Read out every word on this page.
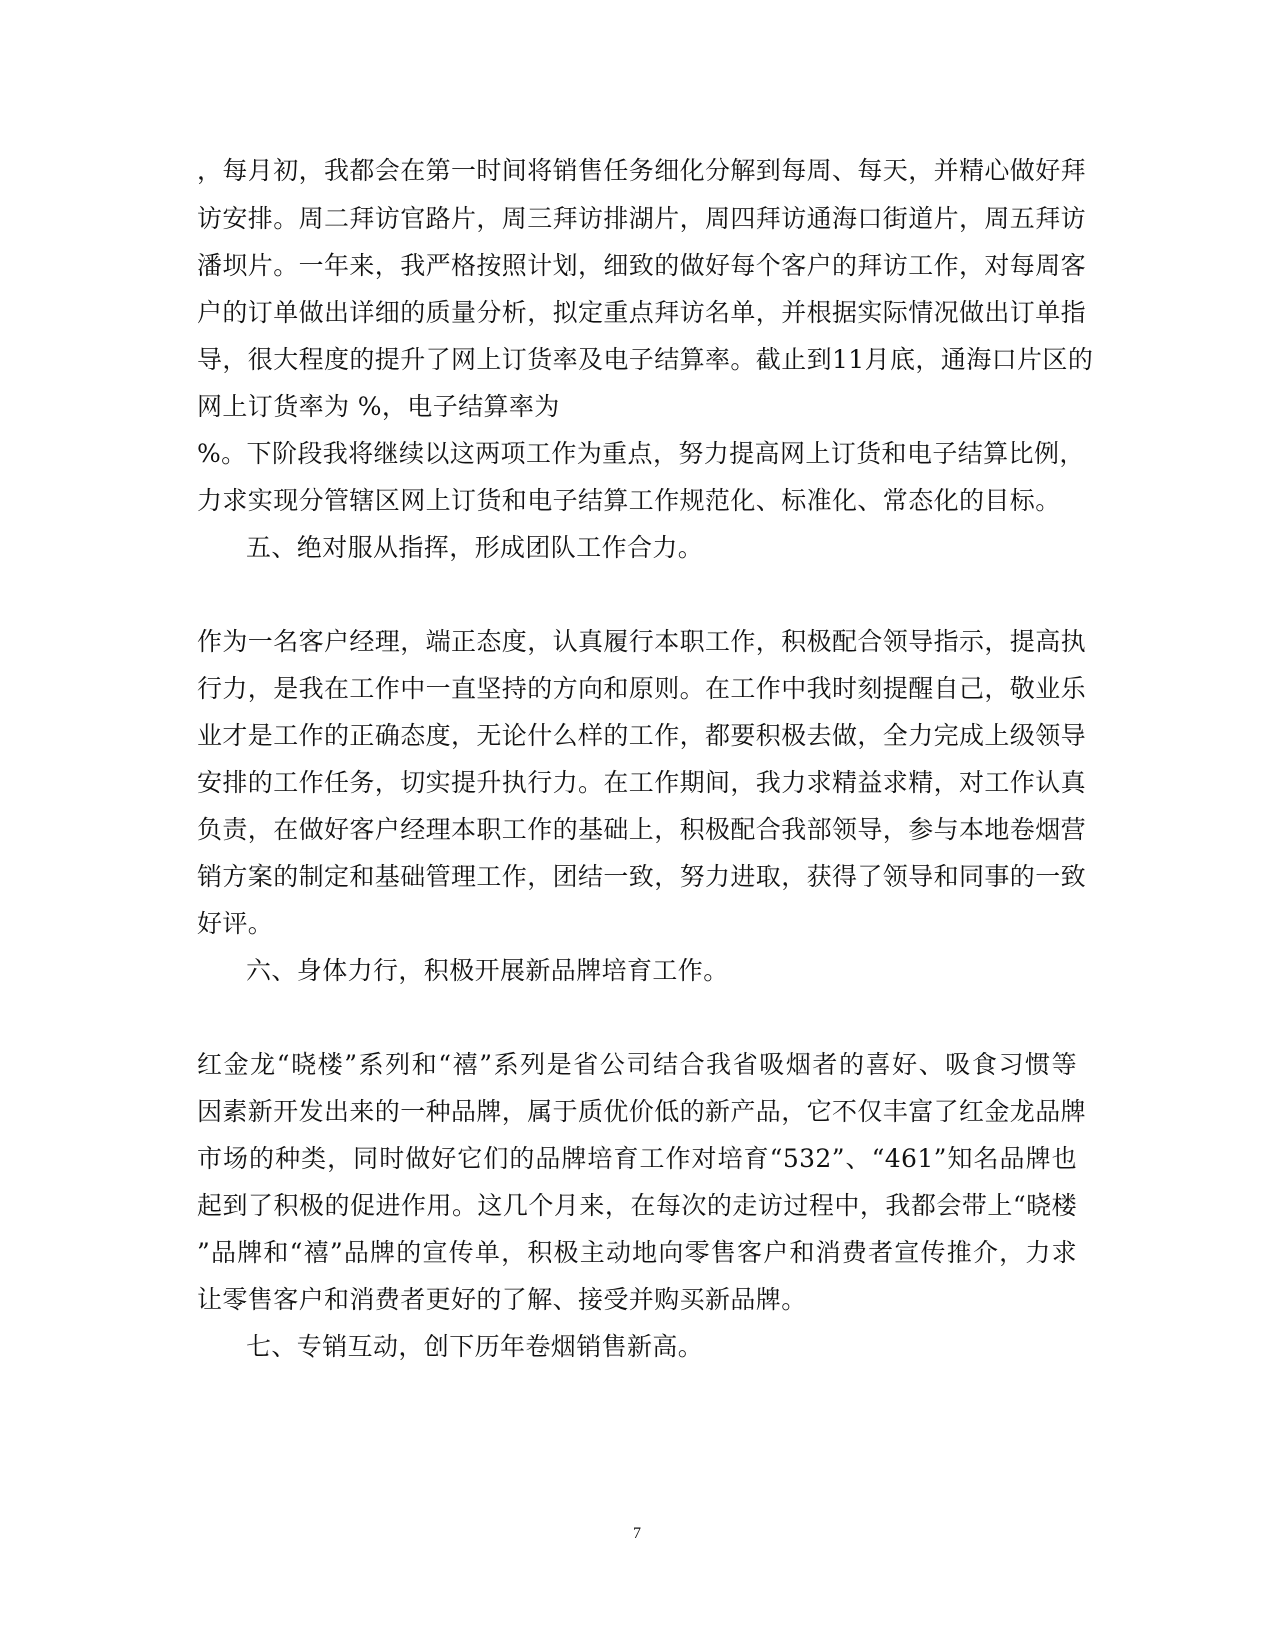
，每月初，我都会在第一时间将销售任务细化分解到每周、每天，并精心做好拜
访安排。周二拜访官路片，周三拜访排湖片，周四拜访通海口街道片，周五拜访
潘坝片。一年来，我严格按照计划，细致的做好每个客户的拜访工作，对每周客
户的订单做出详细的质量分析，拟定重点拜访名单，并根据实际情况做出订单指
导，很大程度的提升了网上订货率及电子结算率。截止到11月底，通海口片区的
网上订货率为 %，电子结算率为
%。下阶段我将继续以这两项工作为重点，努力提高网上订货和电子结算比例，
力求实现分管辖区网上订货和电子结算工作规范化、标准化、常态化的目标。
五、绝对服从指挥，形成团队工作合力。
作为一名客户经理，端正态度，认真履行本职工作，积极配合领导指示，提高执
行力，是我在工作中一直坚持的方向和原则。在工作中我时刻提醒自己，敬业乐
业才是工作的正确态度，无论什么样的工作，都要积极去做，全力完成上级领导
安排的工作任务，切实提升执行力。在工作期间，我力求精益求精，对工作认真
负责，在做好客户经理本职工作的基础上，积极配合我部领导，参与本地卷烟营
销方案的制定和基础管理工作，团结一致，努力进取，获得了领导和同事的一致
好评。
六、身体力行，积极开展新品牌培育工作。
红金龙“晓楼”系列和“禧”系列是省公司结合我省吸烟者的喜好、吸食习惯等
因素新开发出来的一种品牌，属于质优价低的新产品，它不仅丰富了红金龙品牌
市场的种类，同时做好它们的品牌培育工作对培育“532”、“461”知名品牌也
起到了积极的促进作用。这几个月来，在每次的走访过程中，我都会带上“晓楼
”品牌和“禧”品牌的宣传单，积极主动地向零售客户和消费者宣传推介，力求
让零售客户和消费者更好的了解、接受并购买新品牌。
七、专销互动，创下历年卷烟销售新高。
7
